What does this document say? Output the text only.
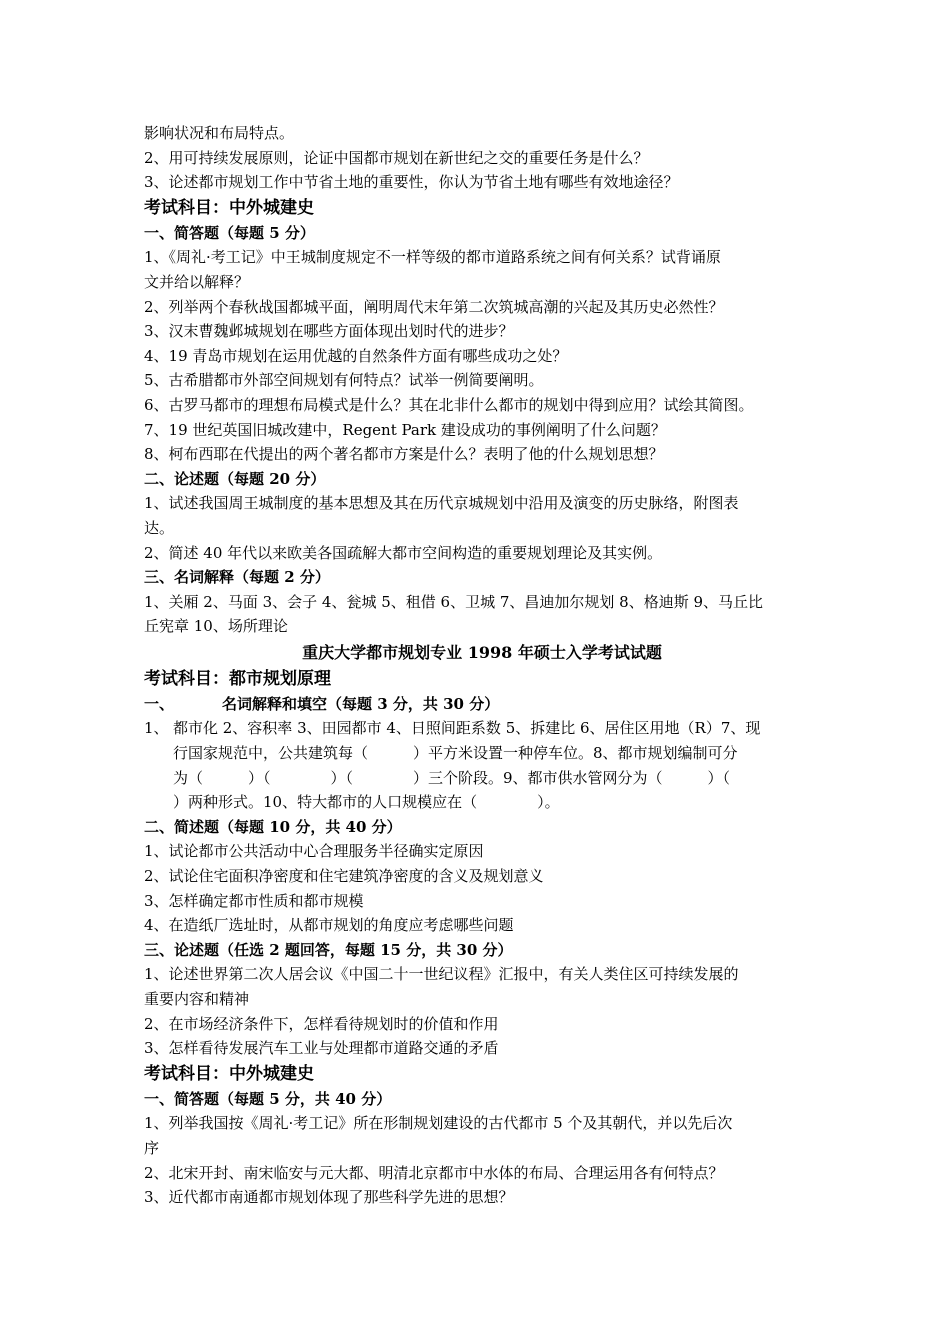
影响状况和布局特点。

2、用可持续发展原则，论证中国都市规划在新世纪之交的重要任务是什么？

3、论述都市规划工作中节省土地的重要性，你认为节省土地有哪些有效地途径？

考试科目：中外城建史

一、简答题（每题 5 分）

1、《周礼·考工记》中王城制度规定不一样等级的都市道路系统之间有何关系？试背诵原

文并给以解释？

2、列举两个春秋战国都城平面，阐明周代末年第二次筑城高潮的兴起及其历史必然性？

3、汉末曹魏邺城规划在哪些方面体现出划时代的进步？

4、19 青岛市规划在运用优越的自然条件方面有哪些成功之处？

5、古希腊都市外部空间规划有何特点？试举一例简要阐明。

6、古罗马都市的理想布局模式是什么？其在北非什么都市的规划中得到应用？试绘其简图。

7、19 世纪英国旧城改建中，Regent Park 建设成功的事例阐明了什么问题？

8、柯布西耶在代提出的两个著名都市方案是什么？表明了他的什么规划思想？

二、论述题（每题 20 分）

1、试述我国周王城制度的基本思想及其在历代京城规划中沿用及演变的历史脉络，附图表

达。

2、简述 40 年代以来欧美各国疏解大都市空间构造的重要规划理论及其实例。

三、名词解释（每题 2 分）

1、关厢 2、马面 3、会子 4、瓮城 5、租借 6、卫城 7、昌迪加尔规划 8、格迪斯 9、马丘比

丘宪章 10、场所理论

重庆大学都市规划专业 1998 年硕士入学考试试题

考试科目：都市规划原理

一、	名词解释和填空（每题 3 分，共 30 分）

1、 都市化 2、容积率 3、田园都市 4、日照间距系数 5、拆建比 6、居住区用地（R）7、现

行国家规范中，公共建筑每（　　　）平方米设置一种停车位。8、都市规划编制可分

为（　　　）（　　　　）（　　　　）三个阶段。9、都市供水管网分为（　　　）（

）两种形式。10、特大都市的人口规模应在（　　　　）。

二、简述题（每题 10 分，共 40 分）

1、试论都市公共活动中心合理服务半径确实定原因

2、试论住宅面积净密度和住宅建筑净密度的含义及规划意义

3、怎样确定都市性质和都市规模

4、在造纸厂选址时，从都市规划的角度应考虑哪些问题

三、论述题（任选 2 题回答，每题 15 分，共 30 分）

1、论述世界第二次人居会议《中国二十一世纪议程》汇报中，有关人类住区可持续发展的

重要内容和精神

2、在市场经济条件下，怎样看待规划时的价值和作用

3、怎样看待发展汽车工业与处理都市道路交通的矛盾

考试科目：中外城建史

一、简答题（每题 5 分，共 40 分）

1、列举我国按《周礼·考工记》所在形制规划建设的古代都市 5 个及其朝代，并以先后次

序

2、北宋开封、南宋临安与元大都、明清北京都市中水体的布局、合理运用各有何特点？

3、近代都市南通都市规划体现了那些科学先进的思想？
